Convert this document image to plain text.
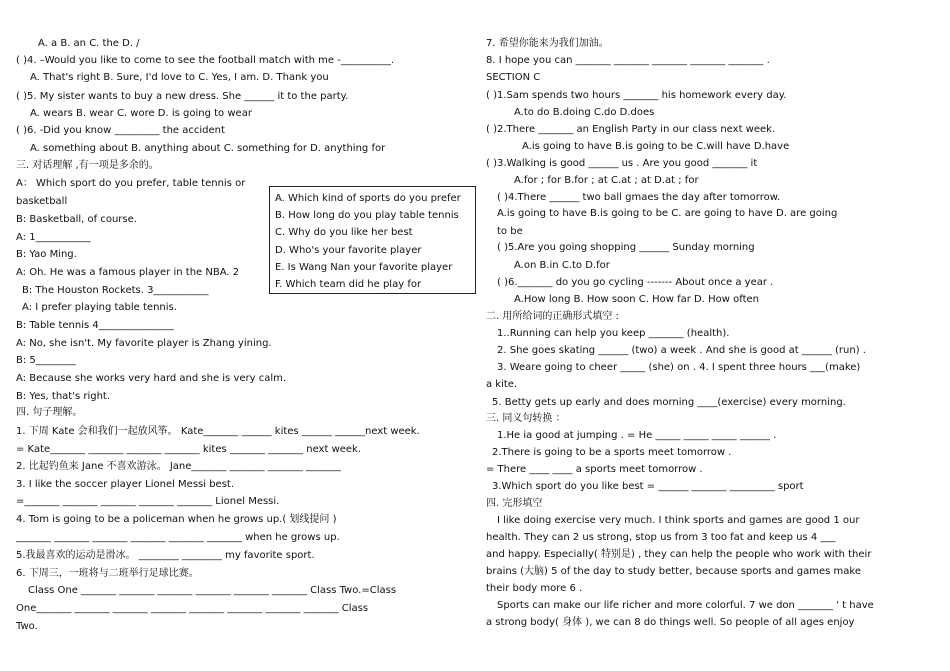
A. a B. an C. the D. /
( )4. –Would you like to come to see the football match with me -__________.
A. That's right B. Sure, I'd love to C. Yes, I am. D. Thank you
( )5. My sister wants to buy a new dress. She ______ it to the party.
A. wears B. wear C. wore D. is going to wear
( )6. -Did you know _________ the accident
A. something about B. anything about C. something for D. anything for
三. 对话理解 ,有一项是多余的。
A： Which sport do you prefer, table tennis or
basketball
B: Basketball, of course.
A: 1___________
B: Yao Ming.
A: Oh. He was a famous player in the NBA. 2
B: The Houston Rockets. 3___________
A: I prefer playing table tennis.
B: Table tennis 4_______________
A: No, she isn't. My favorite player is Zhang yining.
B: 5________
A: Because she works very hard and she is very calm.
B: Yes, that's right.
四. 句子理解。
1. 下周 Kate 会和我们一起放风筝。 Kate_______ ______ kites ______ ______next week.
= Kate_______ _______ _______ _______ kites _______ _______ next week.
2. 比起钓鱼来 Jane 不喜欢游泳。 Jane_______ _______ _______ _______
3. I like the soccer player Lionel Messi best.
=_______ _______ _______ _______ _______ Lionel Messi.
4. Tom is going to be a policeman when he grows up.( 划线提问 )
_______ _______ _______ _______ _______ _______ when he grows up.
5.我最喜欢的运动是滑冰。 ________ ________ my favorite sport.
6. 下周三，一班将与二班举行足球比赛。
Class One _______ _______ _______ _______ _______ _______ Class Two.=Class
One_______ _______ _______ _______ _______ _______ _______ _______ Class
Two.
A. Which kind of sports do you prefer
B. How long do you play table tennis
C. Why do you like her best
D. Who's your favorite player
E. Is Wang Nan your favorite player
F. Which team did he play for
7. 希望你能来为我们加油。
8. I hope you can _______ _______ _______ _______ _______ .
SECTION C
( )1.Sam spends two hours _______ his homework every day.
A.to do B.doing C.do D.does
( )2.There _______ an English Party in our class next week.
A.is going to have B.is going to be C.will have D.have
( )3.Walking is good ______ us . Are you good _______ it
A.for ; for B.for ; at C.at ; at D.at ; for
( )4.There ______ two ball gmaes the day after tomorrow.
A.is going to have B.is going to be C. are going to have D. are going
to be
( )5.Are you going shopping ______ Sunday morning
A.on B.in C.to D.for
( )6._______ do you go cycling ------- About once a year .
A.How long B. How soon C. How far D. How often
二. 用所给词的正确形式填空 :
1..Running can help you keep _______ (health).
2. She goes skating ______ (two) a week . And she is good at ______ (run) .
3. Weare going to cheer _____ (she) on . 4. I spent three hours ___(make)
a kite.
5. Betty gets up early and does morning ____(exercise) every morning.
三. 同义句转换 ：
1.He ia good at jumping . = He _____ _____ _____ ______ .
2.There is going to be a sports meet tomorrow .
= There ____ ____ a sports meet tomorrow .
3.Which sport do you like best = ______ _______ _________ sport
四. 完形填空
I like doing exercise very much. I think sports and games are good 1 our
health. They can 2 us strong, stop us from 3 too fat and keep us 4 ___
and happy. Especially( 特别是) , they can help the people who work with their
brains (大脑) 5 of the day to study better, because sports and games make
their body more 6 .
Sports can make our life richer and more colorful. 7 we don _______ ' t have
a strong body( 身体 ), we can 8 do things well. So people of all ages enjoy
